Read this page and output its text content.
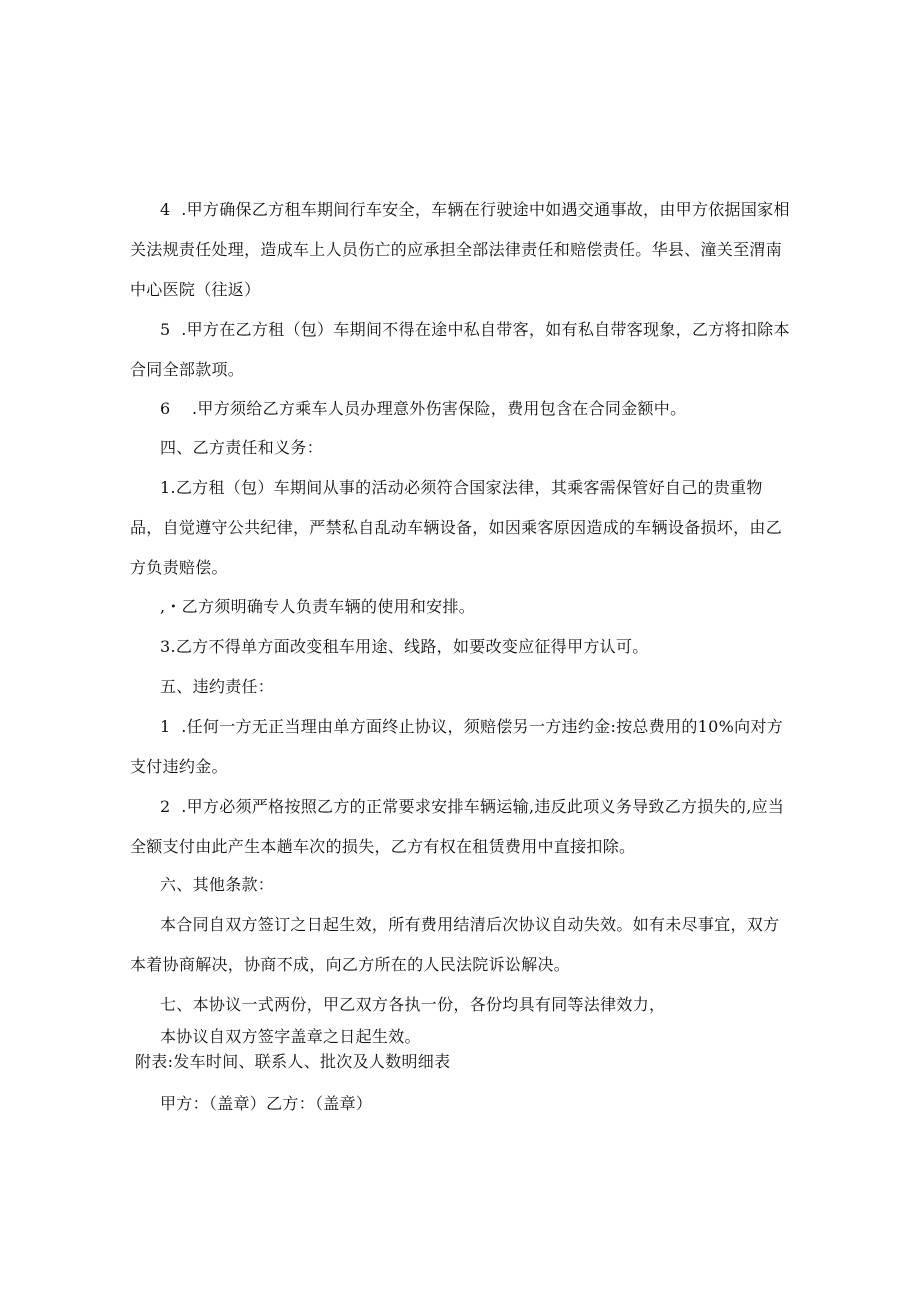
4  .甲方确保乙方租车期间行车安全，车辆在行驶途中如遇交通事故，由甲方依据国家相关法规责任处理，造成车上人员伤亡的应承担全部法律责任和赔偿责任。华县、潼关至渭南中心医院（往返）

5  .甲方在乙方租（包）车期间不得在途中私自带客，如有私自带客现象，乙方将扣除本合同全部款项。

6    .甲方须给乙方乘车人员办理意外伤害保险，费用包含在合同金额中。

四、乙方责任和义务：

1.乙方租（包）车期间从事的活动必须符合国家法律，其乘客需保管好自己的贵重物品，自觉遵守公共纪律，严禁私自乱动车辆设备，如因乘客原因造成的车辆设备损坏，由乙方负责赔偿。

,・乙方须明确专人负责车辆的使用和安排。

3.乙方不得单方面改变租车用途、线路，如要改变应征得甲方认可。

五、违约责任：

1  .任何一方无正当理由单方面终止协议，须赔偿另一方违约金:按总费用的10%向对方支付违约金。

2  .甲方必须严格按照乙方的正常要求安排车辆运输,违反此项义务导致乙方损失的,应当全额支付由此产生本趟车次的损失，乙方有权在租赁费用中直接扣除。

六、其他条款：

本合同自双方签订之日起生效，所有费用结清后次协议自动失效。如有未尽事宜，双方本着协商解决，协商不成，向乙方所在的人民法院诉讼解决。

七、本协议一式两份，甲乙双方各执一份，各份均具有同等法律效力，

本协议自双方签字盖章之日起生效。

附表:发车时间、联系人、批次及人数明细表

甲方：（盖章）乙方：（盖章）
